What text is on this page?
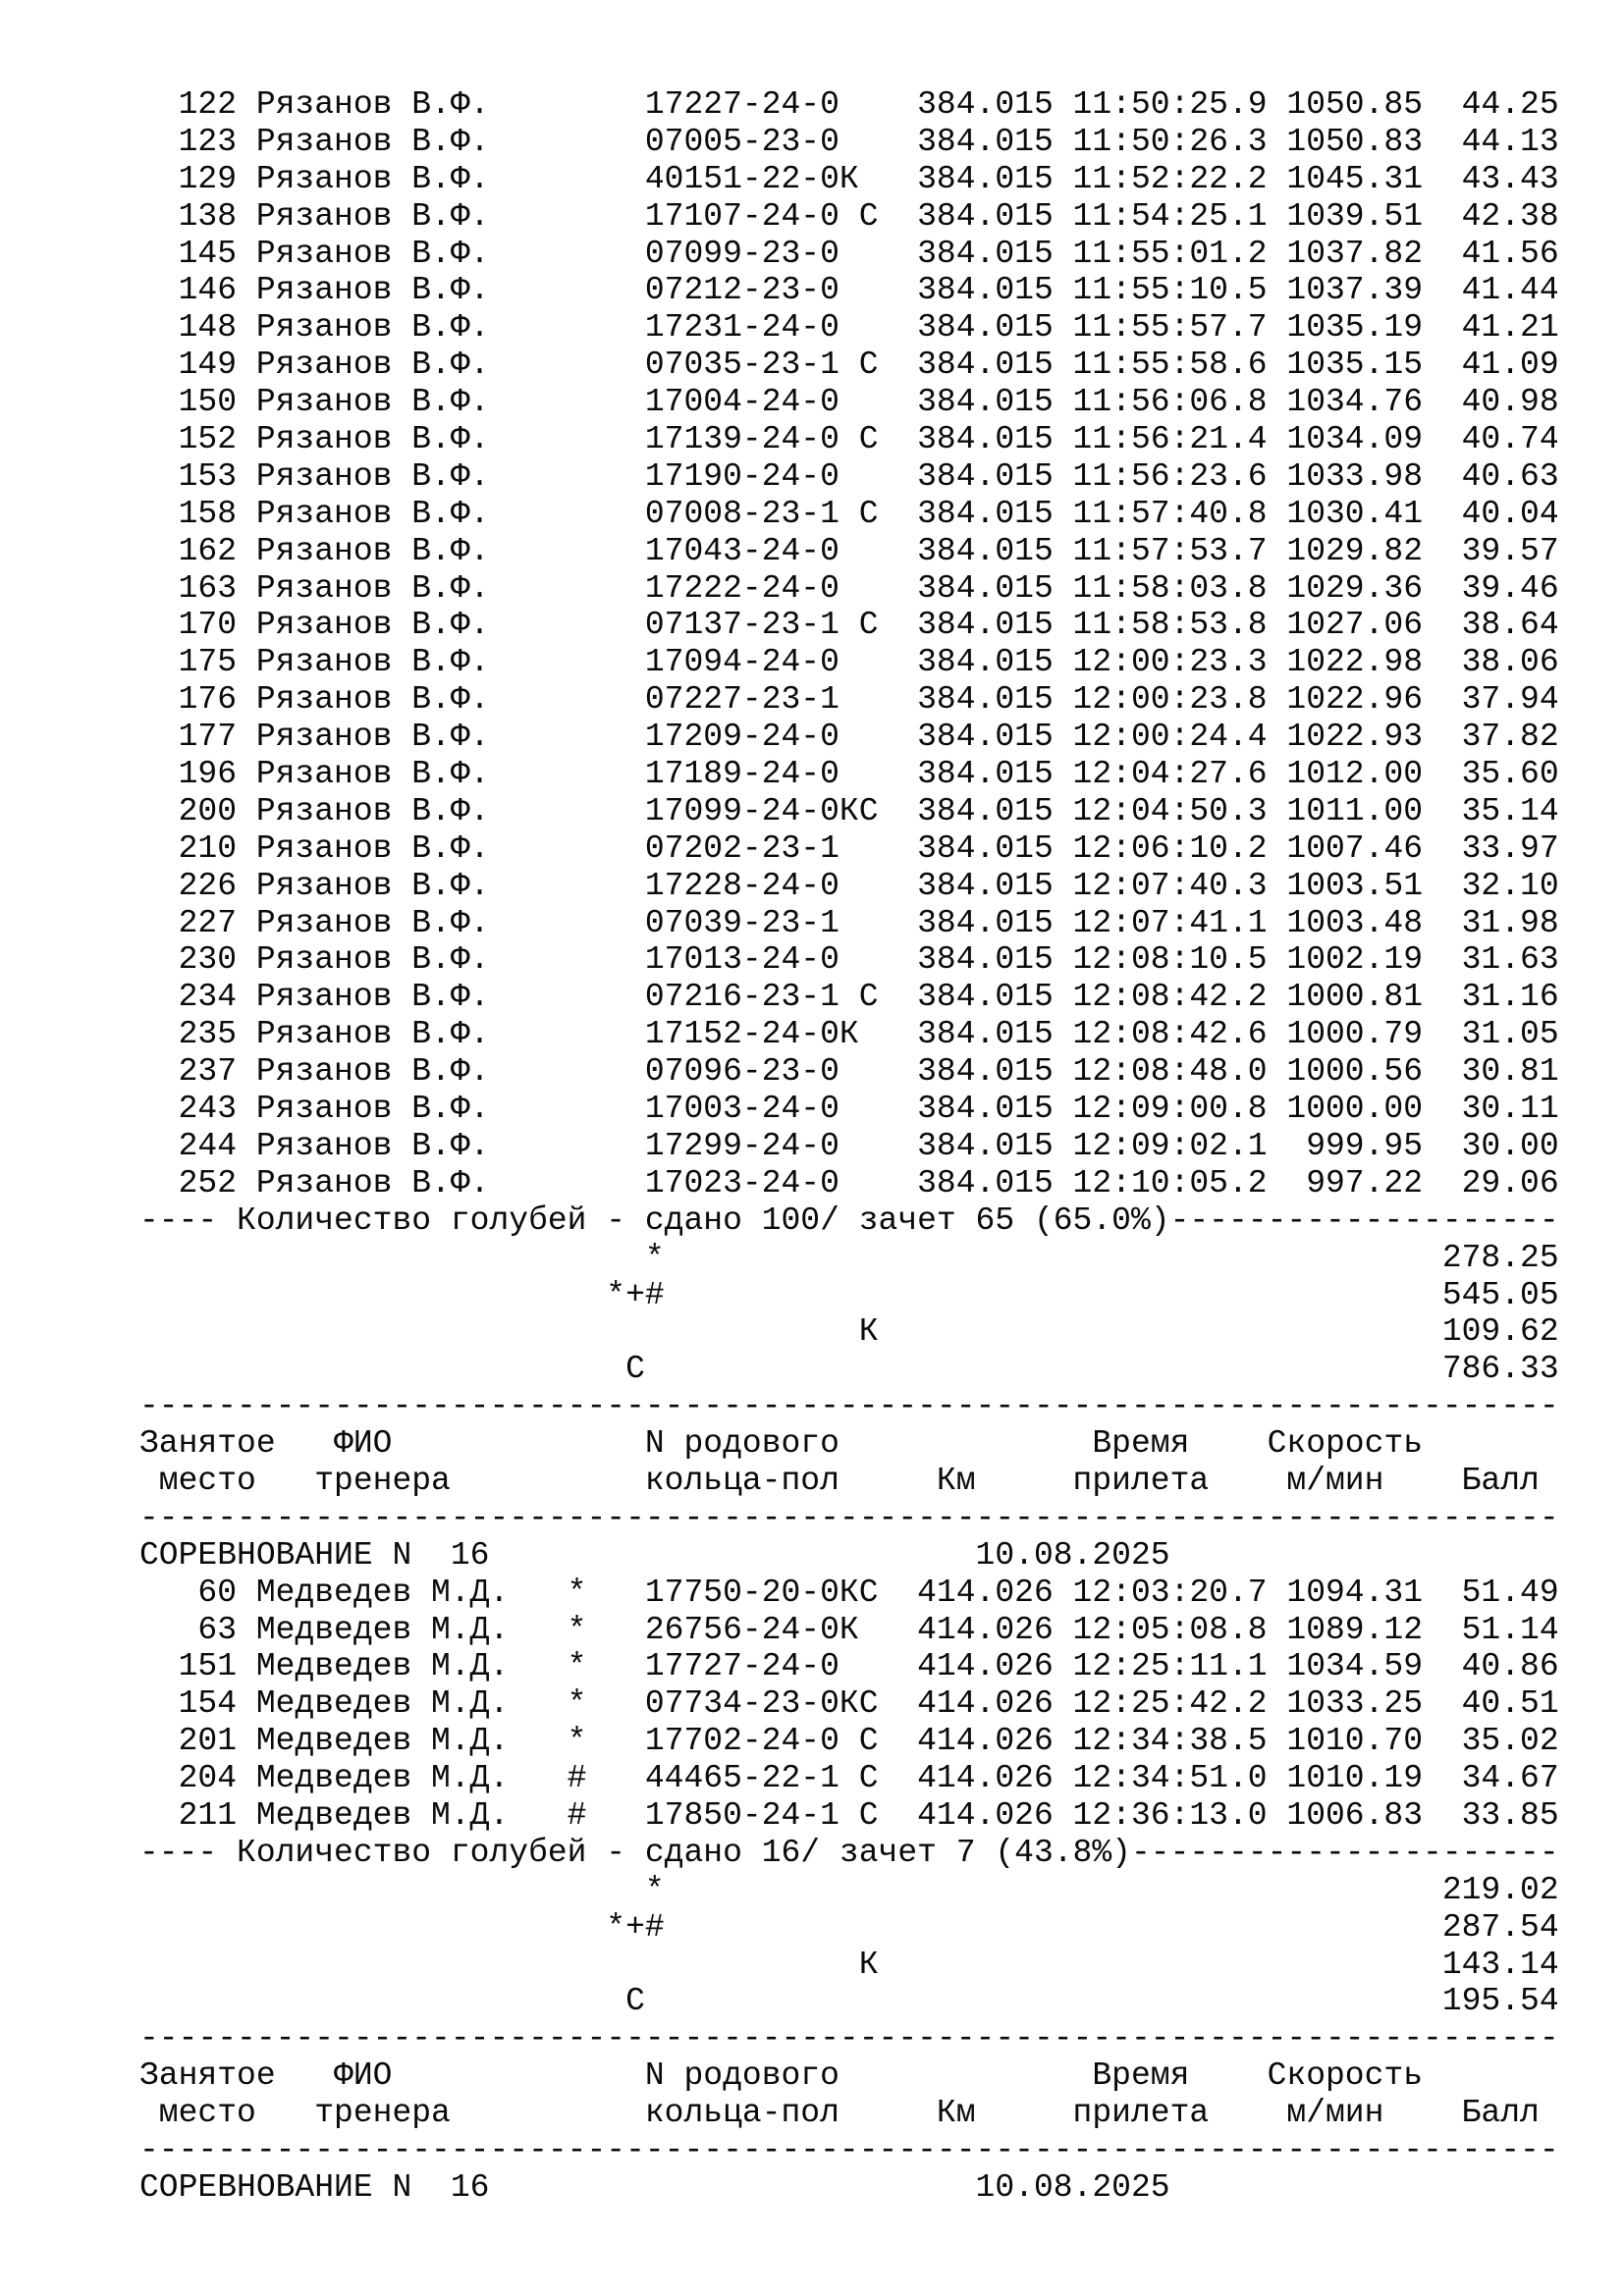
122 Рязанов В.Ф.        17227-24-0    384.015 11:50:25.9 1050.85  44.25
123 Рязанов В.Ф.        07005-23-0    384.015 11:50:26.3 1050.83  44.13
129 Рязанов В.Ф.        40151-22-0К   384.015 11:52:22.2 1045.31  43.43
138 Рязанов В.Ф.        17107-24-0 С  384.015 11:54:25.1 1039.51  42.38
145 Рязанов В.Ф.        07099-23-0    384.015 11:55:01.2 1037.82  41.56
146 Рязанов В.Ф.        07212-23-0    384.015 11:55:10.5 1037.39  41.44
148 Рязанов В.Ф.        17231-24-0    384.015 11:55:57.7 1035.19  41.21
149 Рязанов В.Ф.        07035-23-1 С  384.015 11:55:58.6 1035.15  41.09
150 Рязанов В.Ф.        17004-24-0    384.015 11:56:06.8 1034.76  40.98
152 Рязанов В.Ф.        17139-24-0 С  384.015 11:56:21.4 1034.09  40.74
153 Рязанов В.Ф.        17190-24-0    384.015 11:56:23.6 1033.98  40.63
158 Рязанов В.Ф.        07008-23-1 С  384.015 11:57:40.8 1030.41  40.04
162 Рязанов В.Ф.        17043-24-0    384.015 11:57:53.7 1029.82  39.57
163 Рязанов В.Ф.        17222-24-0    384.015 11:58:03.8 1029.36  39.46
170 Рязанов В.Ф.        07137-23-1 С  384.015 11:58:53.8 1027.06  38.64
175 Рязанов В.Ф.        17094-24-0    384.015 12:00:23.3 1022.98  38.06
176 Рязанов В.Ф.        07227-23-1    384.015 12:00:23.8 1022.96  37.94
177 Рязанов В.Ф.        17209-24-0    384.015 12:00:24.4 1022.93  37.82
196 Рязанов В.Ф.        17189-24-0    384.015 12:04:27.6 1012.00  35.60
200 Рязанов В.Ф.        17099-24-0КС  384.015 12:04:50.3 1011.00  35.14
210 Рязанов В.Ф.        07202-23-1    384.015 12:06:10.2 1007.46  33.97
226 Рязанов В.Ф.        17228-24-0    384.015 12:07:40.3 1003.51  32.10
227 Рязанов В.Ф.        07039-23-1    384.015 12:07:41.1 1003.48  31.98
230 Рязанов В.Ф.        17013-24-0    384.015 12:08:10.5 1002.19  31.63
234 Рязанов В.Ф.        07216-23-1 С  384.015 12:08:42.2 1000.81  31.16
235 Рязанов В.Ф.        17152-24-0К   384.015 12:08:42.6 1000.79  31.05
237 Рязанов В.Ф.        07096-23-0    384.015 12:08:48.0 1000.56  30.81
243 Рязанов В.Ф.        17003-24-0    384.015 12:09:00.8 1000.00  30.11
244 Рязанов В.Ф.        17299-24-0    384.015 12:09:02.1  999.95  30.00
252 Рязанов В.Ф.        17023-24-0    384.015 12:10:05.2  997.22  29.06
---- Количество голубей - сдано 100/ зачет 65 (65.0%)--------------------
*                                        278.25
*+#                                        545.05
К                             109.62
С                                         786.33
-------------------------------------------------------------------------
Занятое   ФИО             N родового             Время    Скорость
место   тренера          кольца-пол     Км     прилета    м/мин    Балл
-------------------------------------------------------------------------
СОРЕВНОВАНИЕ N  16                         10.08.2025
60 Медведев М.Д.   *   17750-20-0КС  414.026 12:03:20.7 1094.31  51.49
63 Медведев М.Д.   *   26756-24-0К   414.026 12:05:08.8 1089.12  51.14
151 Медведев М.Д.   *   17727-24-0    414.026 12:25:11.1 1034.59  40.86
154 Медведев М.Д.   *   07734-23-0КС  414.026 12:25:42.2 1033.25  40.51
201 Медведев М.Д.   *   17702-24-0 С  414.026 12:34:38.5 1010.70  35.02
204 Медведев М.Д.   #   44465-22-1 С  414.026 12:34:51.0 1010.19  34.67
211 Медведев М.Д.   #   17850-24-1 С  414.026 12:36:13.0 1006.83  33.85
---- Количество голубей - сдано 16/ зачет 7 (43.8%)----------------------
*                                        219.02
*+#                                        287.54
К                             143.14
С                                         195.54
-------------------------------------------------------------------------
Занятое   ФИО             N родового             Время    Скорость
место   тренера          кольца-пол     Км     прилета    м/мин    Балл
-------------------------------------------------------------------------
СОРЕВНОВАНИЕ N  16                         10.08.2025
